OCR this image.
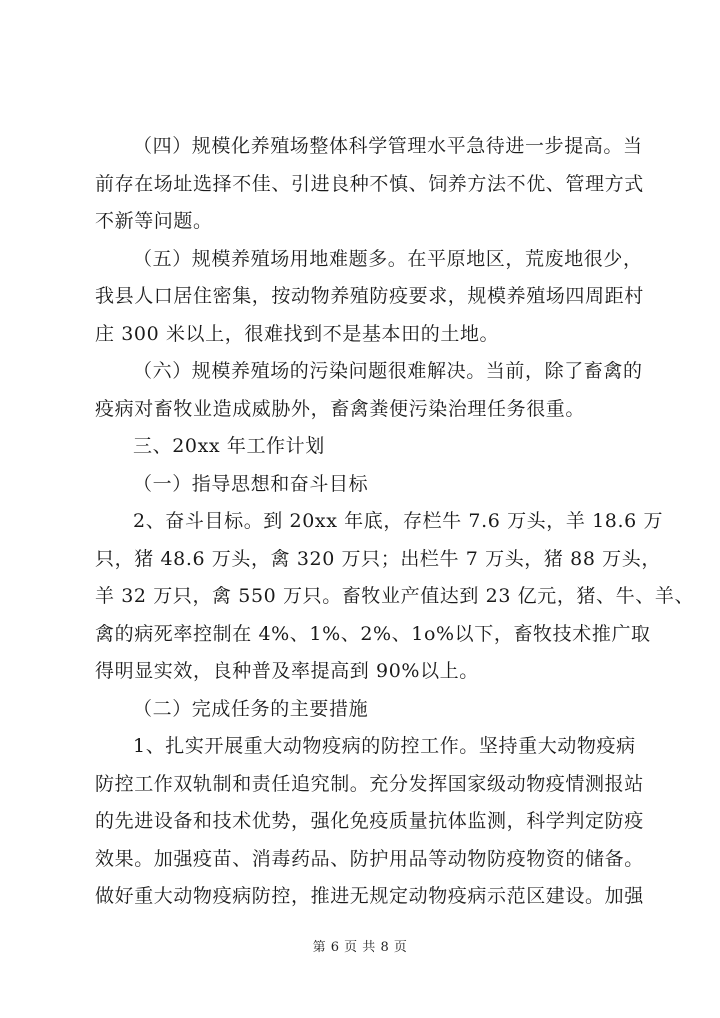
（四）规模化养殖场整体科学管理水平急待进一步提高。当
前存在场址选择不佳、引进良种不慎、饲养方法不优、管理方式
不新等问题。

（五）规模养殖场用地难题多。在平原地区，荒废地很少，
我县人口居住密集，按动物养殖防疫要求，规模养殖场四周距村
庄 300 米以上，很难找到不是基本田的土地。

（六）规模养殖场的污染问题很难解决。当前，除了畜禽的
疫病对畜牧业造成威胁外，畜禽粪便污染治理任务很重。

三、20xx 年工作计划

（一）指导思想和奋斗目标

2、奋斗目标。到 20xx 年底，存栏牛 7.6 万头，羊 18.6 万
只，猪 48.6 万头，禽 320 万只；出栏牛 7 万头，猪 88 万头，
羊 32 万只，禽 550 万只。畜牧业产值达到 23 亿元，猪、牛、羊、
禽的病死率控制在 4%、1%、2%、1o%以下，畜牧技术推广取
得明显实效，良种普及率提高到 90%以上。

（二）完成任务的主要措施

1、扎实开展重大动物疫病的防控工作。坚持重大动物疫病
防控工作双轨制和责任追究制。充分发挥国家级动物疫情测报站
的先进设备和技术优势，强化免疫质量抗体监测，科学判定防疫
效果。加强疫苗、消毒药品、防护用品等动物防疫物资的储备。
做好重大动物疫病防控，推进无规定动物疫病示范区建设。加强

第 6 页 共 8 页
